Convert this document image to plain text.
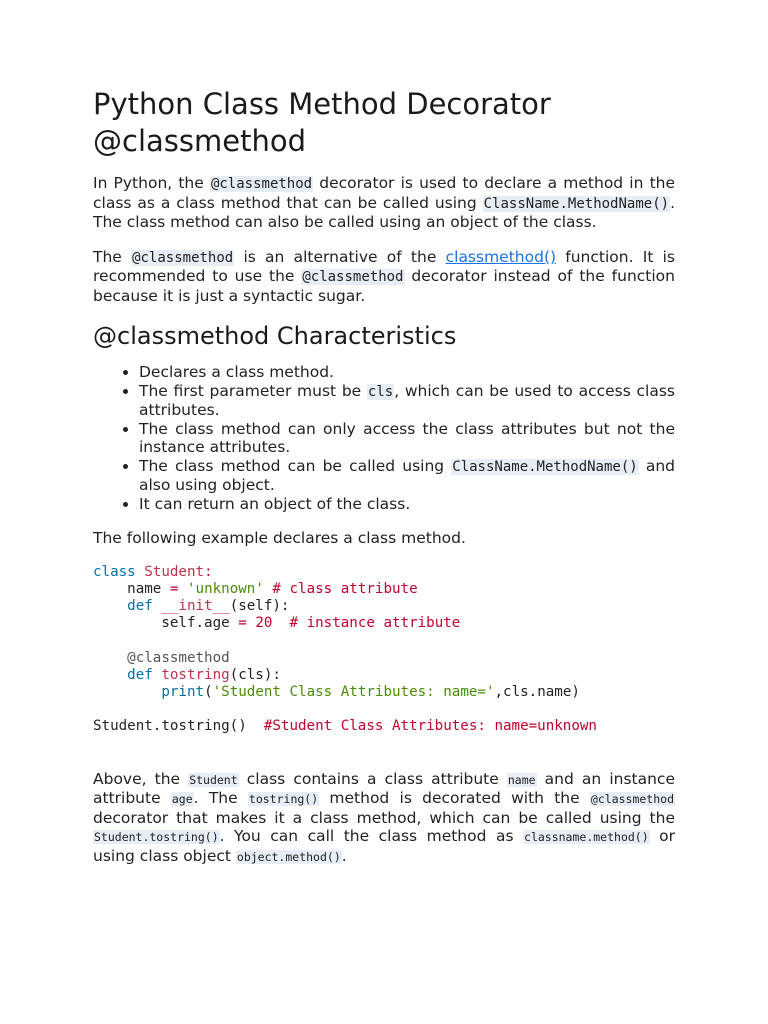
Python Class Method Decorator @classmethod

In Python, the @classmethod decorator is used to declare a method in the class as a class method that can be called using ClassName.MethodName(). The class method can also be called using an object of the class.

The @classmethod is an alternative of the classmethod() function. It is recommended to use the @classmethod decorator instead of the function because it is just a syntactic sugar.

@classmethod Characteristics
• Declares a class method.
• The first parameter must be cls, which can be used to access class attributes.
• The class method can only access the class attributes but not the instance attributes.
• The class method can be called using ClassName.MethodName() and also using object.
• It can return an object of the class.

The following example declares a class method.

class Student:
name = 'unknown' # class attribute
def __init__(self):
self.age = 20 # instance attribute

@classmethod
def tostring(cls):
print('Student Class Attributes: name=',cls.name)

Student.tostring() #Student Class Attributes: name=unknown

Above, the Student class contains a class attribute name and an instance attribute age. The tostring() method is decorated with the @classmethod decorator that makes it a class method, which can be called using the Student.tostring(). You can call the class method as classname.method() or using class object object.method().
